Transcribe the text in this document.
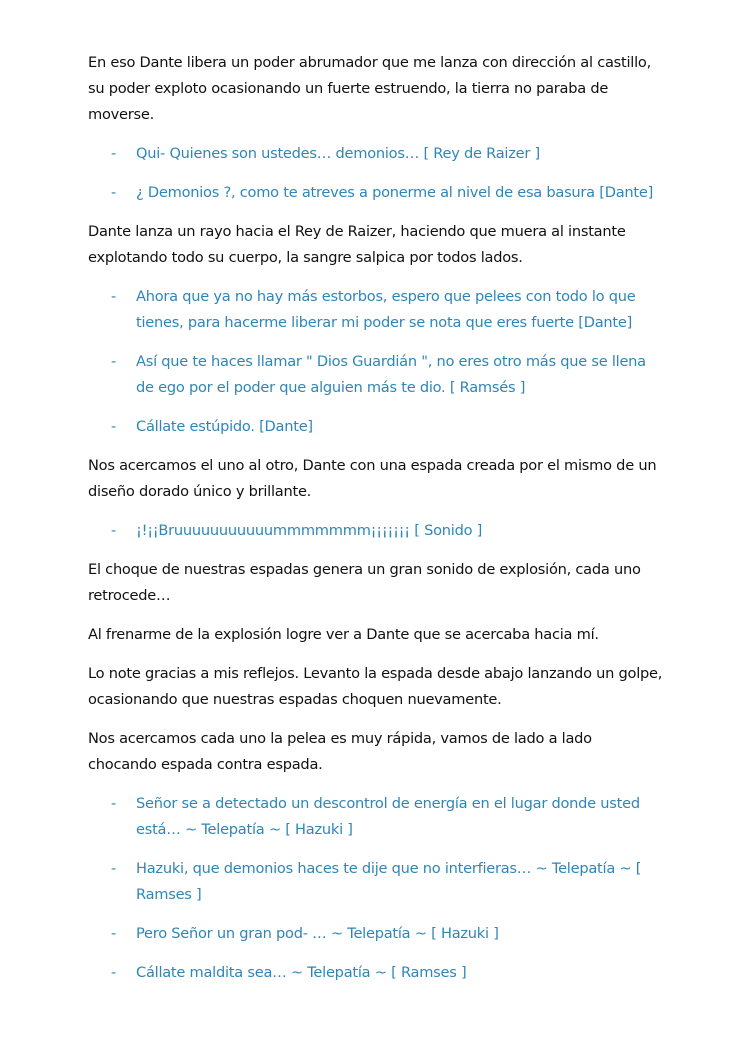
En eso Dante libera un poder abrumador que me lanza con dirección al castillo, su poder exploto ocasionando un fuerte estruendo, la tierra no paraba de moverse.

- Qui- Quienes son ustedes… demonios… [ Rey de Raizer ]
- ¿ Demonios ?, como te atreves a ponerme al nivel de esa basura [Dante]

Dante lanza un rayo hacia el Rey de Raizer, haciendo que muera al instante explotando todo su cuerpo, la sangre salpica por todos lados.

- Ahora que ya no hay más estorbos, espero que pelees con todo lo que tienes, para hacerme liberar mi poder se nota que eres fuerte [Dante]
- Así que te haces llamar " Dios Guardián ", no eres otro más que se llena de ego por el poder que alguien más te dio. [ Ramsés ]
- Cállate estúpido. [Dante]

Nos acercamos el uno al otro, Dante con una espada creada por el mismo de un diseño dorado único y brillante.

- ¡!¡¡Bruuuuuuuuuuummmmmmm¡¡¡¡¡¡¡ [ Sonido ]

El choque de nuestras espadas genera un gran sonido de explosión, cada uno retrocede…

Al frenarme de la explosión logre ver a Dante que se acercaba hacia mí.

Lo note gracias a mis reflejos. Levanto la espada desde abajo lanzando un golpe, ocasionando que nuestras espadas choquen nuevamente.

Nos acercamos cada uno la pelea es muy rápida, vamos de lado a lado chocando espada contra espada.

- Señor se a detectado un descontrol de energía en el lugar donde usted está… ~ Telepatía ~ [ Hazuki ]
- Hazuki, que demonios haces te dije que no interfieras… ~ Telepatía ~ [ Ramses ]
- Pero Señor un gran pod- … ~ Telepatía ~ [ Hazuki ]
- Cállate maldita sea… ~ Telepatía ~ [ Ramses ]
